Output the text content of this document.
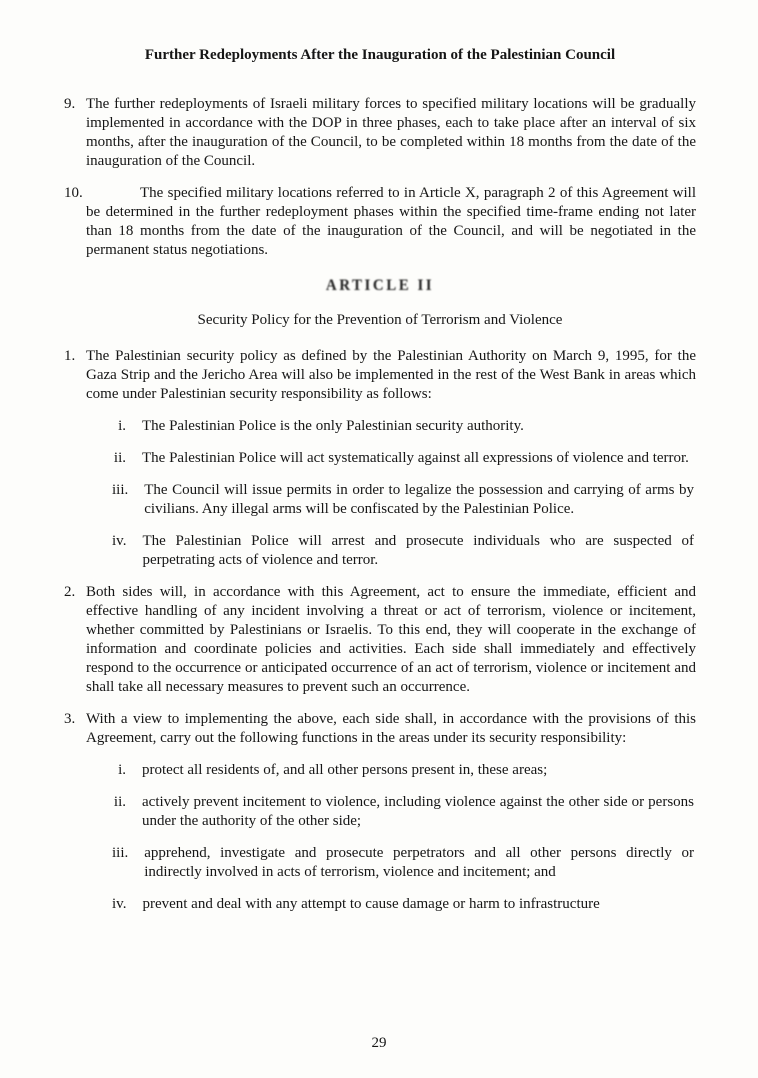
Further Redeployments After the Inauguration of the Palestinian Council
9. The further redeployments of Israeli military forces to specified military locations will be gradually implemented in accordance with the DOP in three phases, each to take place after an interval of six months, after the inauguration of the Council, to be completed within 18 months from the date of the inauguration of the Council.

10.	The specified military locations referred to in Article X, paragraph 2 of this Agreement will be determined in the further redeployment phases within the specified time-frame ending not later than 18 months from the date of the inauguration of the Council, and will be negotiated in the permanent status negotiations.

ARTICLE II
Security Policy for the Prevention of Terrorism and Violence
1. The Palestinian security policy as defined by the Palestinian Authority on March 9, 1995, for the Gaza Strip and the Jericho Area will also be implemented in the rest of the West Bank in areas which come under Palestinian security responsibility as follows:

i. The Palestinian Police is the only Palestinian security authority.

ii. The Palestinian Police will act systematically against all expressions of violence and terror.

iii. The Council will issue permits in order to legalize the possession and carrying of arms by civilians. Any illegal arms will be confiscated by the Palestinian Police.

iv. The Palestinian Police will arrest and prosecute individuals who are suspected of perpetrating acts of violence and terror.

2. Both sides will, in accordance with this Agreement, act to ensure the immediate, efficient and effective handling of any incident involving a threat or act of terrorism, violence or incitement, whether committed by Palestinians or Israelis. To this end, they will cooperate in the exchange of information and coordinate policies and activities. Each side shall immediately and effectively respond to the occurrence or anticipated occurrence of an act of terrorism, violence or incitement and shall take all necessary measures to prevent such an occurrence.

3. With a view to implementing the above, each side shall, in accordance with the provisions of this Agreement, carry out the following functions in the areas under its security responsibility:

i. protect all residents of, and all other persons present in, these areas;

ii. actively prevent incitement to violence, including violence against the other side or persons under the authority of the other side;

iii. apprehend, investigate and prosecute perpetrators and all other persons directly or indirectly involved in acts of terrorism, violence and incitement; and

iv. prevent and deal with any attempt to cause damage or harm to infrastructure

29
